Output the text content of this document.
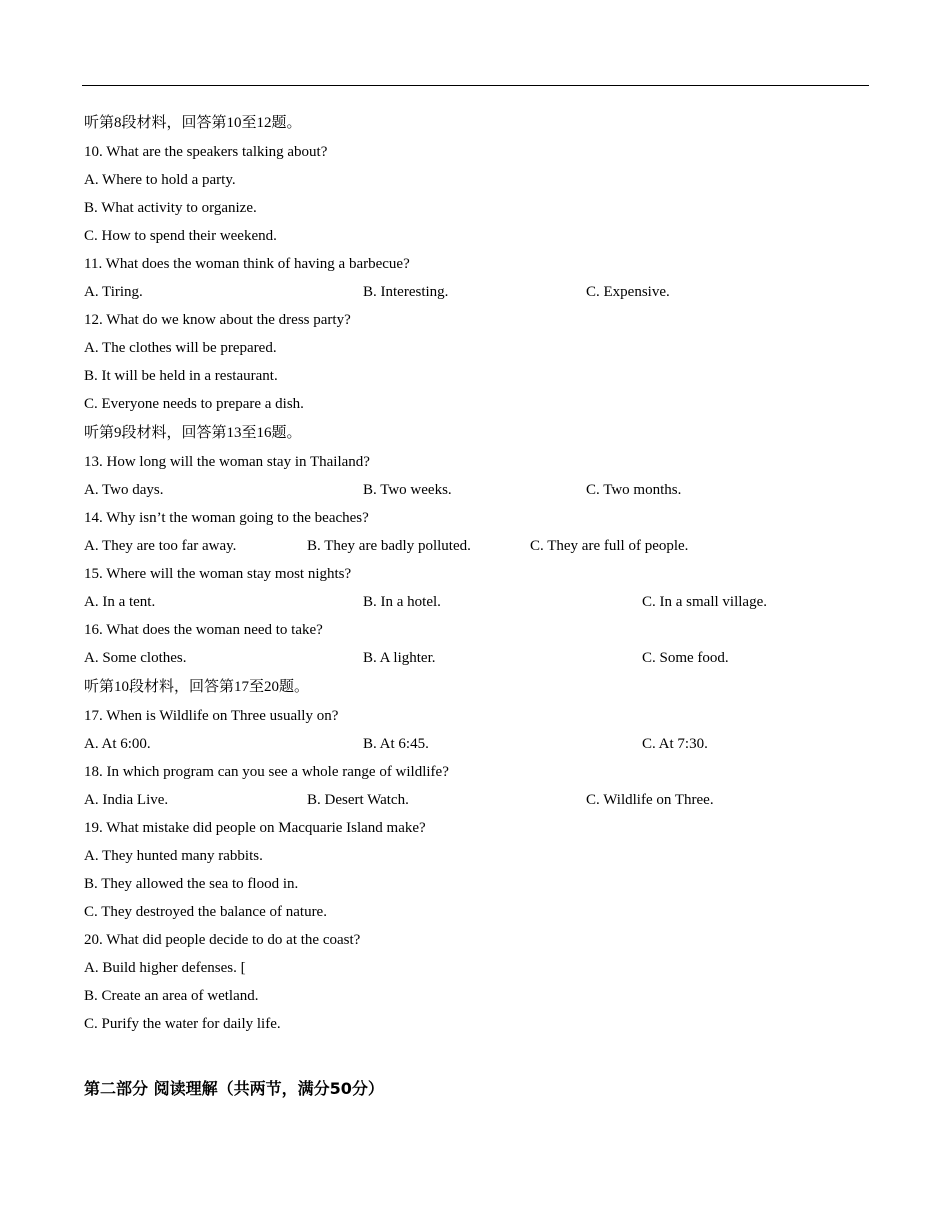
听第8段材料，回答第10至12题。
10. What are the speakers talking about?
A. Where to hold a party.
B. What activity to organize.
C. How to spend their weekend.
11. What does the woman think of having a barbecue?
A. Tiring.	B. Interesting.	C. Expensive.
12. What do we know about the dress party?
A. The clothes will be prepared.
B. It will be held in a restaurant.
C. Everyone needs to prepare a dish.
听第9段材料，回答第13至16题。
13. How long will the woman stay in Thailand?
A. Two days.	B. Two weeks.	C. Two months.
14. Why isn’t the woman going to the beaches?
A. They are too far away.	B. They are badly polluted.	C. They are full of people.
15. Where will the woman stay most nights?
A. In a tent.	B. In a hotel.	C. In a small village.
16. What does the woman need to take?
A. Some clothes.	B. A lighter.	C. Some food.
听第10段材料，回答第17至20题。
17. When is Wildlife on Three usually on?
A. At 6:00.	B. At 6:45.	C. At 7:30.
18. In which program can you see a whole range of wildlife?
A. India Live.	B. Desert Watch.	C. Wildlife on Three.
19. What mistake did people on Macquarie Island make?
A. They hunted many rabbits.
B. They allowed the sea to flood in.
C. They destroyed the balance of nature.
20. What did people decide to do at the coast?
A. Build higher defenses. [
B. Create an area of wetland.
C. Purify the water for daily life.
第二部分 阅读理解（共两节，满分50分）
